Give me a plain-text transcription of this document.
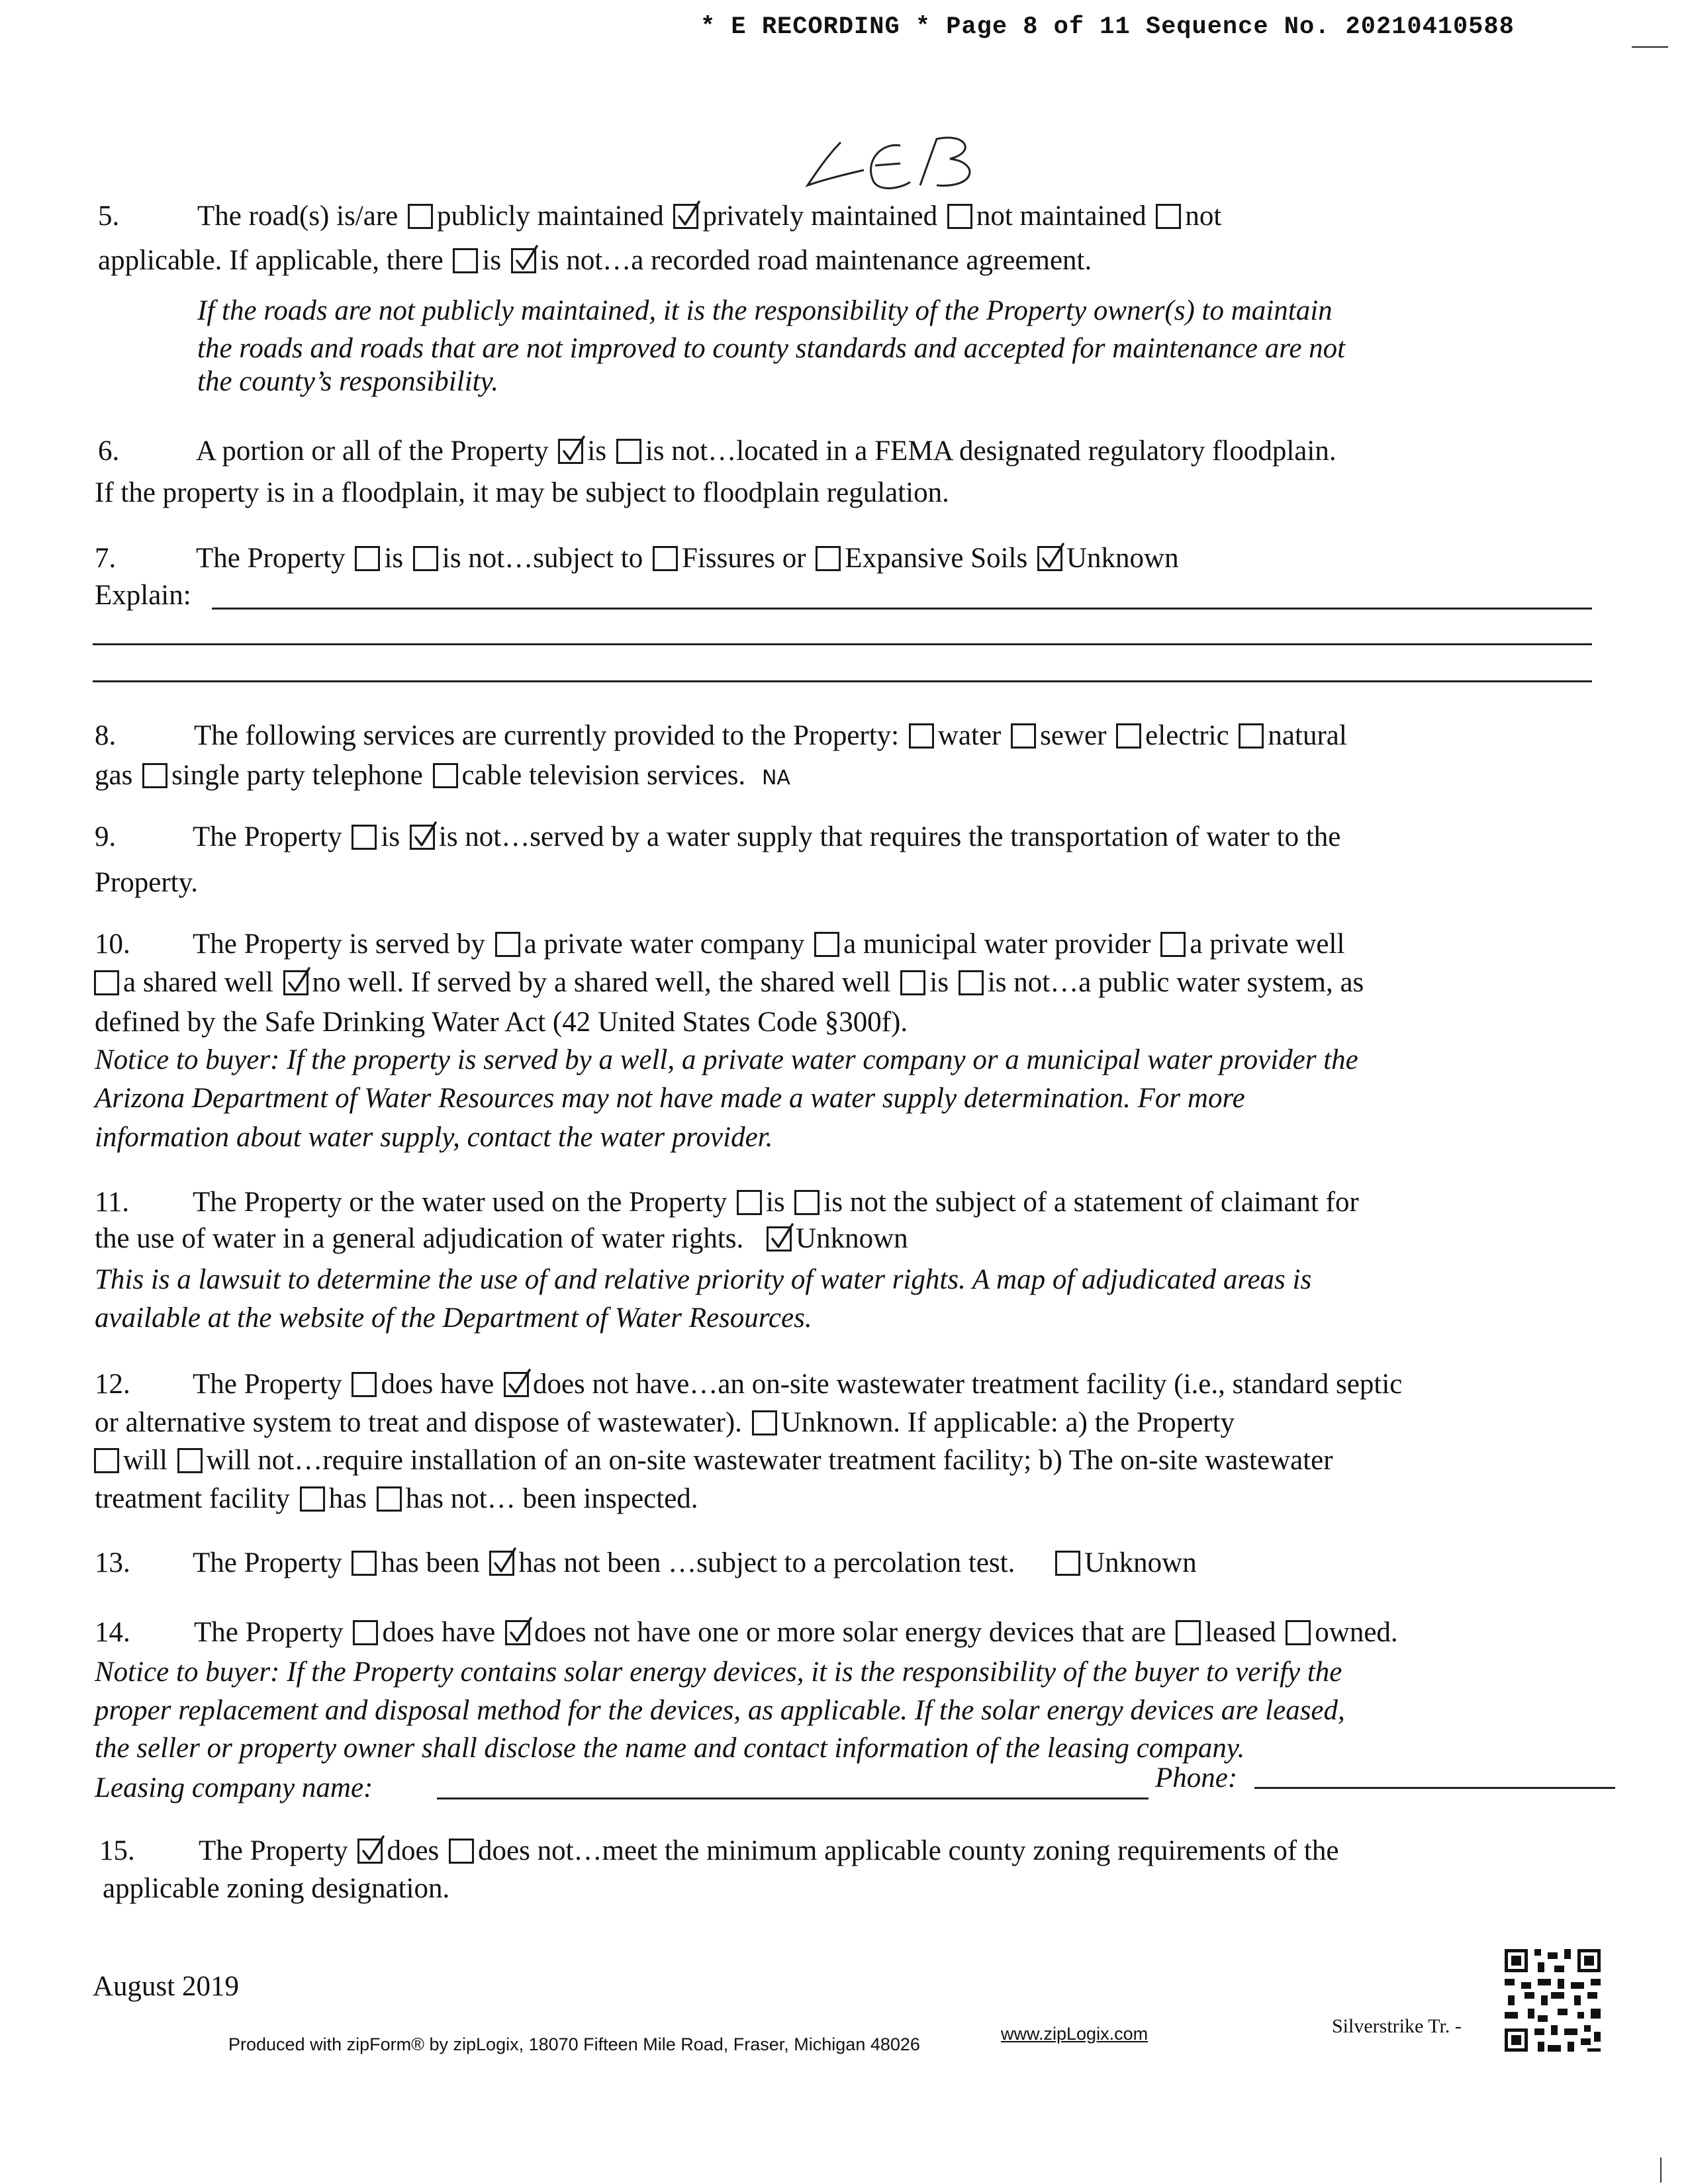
* E RECORDING * Page 8 of 11 Sequence No. 20210410588
5.	The road(s) is/are publicly maintained privately maintained not maintained not
applicable. If applicable, there is is not…a recorded road maintenance agreement.
If the roads are not publicly maintained, it is the responsibility of the Property owner(s) to maintain
the roads and roads that are not improved to county standards and accepted for maintenance are not
the county’s responsibility.
6.	A portion or all of the Property is is not…located in a FEMA designated regulatory floodplain.
If the property is in a floodplain, it may be subject to floodplain regulation.
7.	The Property is is not…subject to Fissures or Expansive Soils Unknown
Explain:
8.	The following services are currently provided to the Property: water sewer electric natural
gas single party telephone cable television services. NA
9.	The Property is is not…served by a water supply that requires the transportation of water to the
Property.
10. The Property is served by a private water company a municipal water provider a private well
a shared well no well. If served by a shared well, the shared well is is not…a public water system, as
defined by the Safe Drinking Water Act (42 United States Code §300f).
Notice to buyer: If the property is served by a well, a private water company or a municipal water provider the
Arizona Department of Water Resources may not have made a water supply determination. For more
information about water supply, contact the water provider.
11. The Property or the water used on the Property is is not the subject of a statement of claimant for
the use of water in a general adjudication of water rights. Unknown
This is a lawsuit to determine the use of and relative priority of water rights. A map of adjudicated areas is
available at the website of the Department of Water Resources.
12. The Property does have does not have…an on-site wastewater treatment facility (i.e., standard septic
or alternative system to treat and dispose of wastewater). Unknown. If applicable: a) the Property
will will not…require installation of an on-site wastewater treatment facility; b) The on-site wastewater
treatment facility has has not… been inspected.
13. The Property has been has not been …subject to a percolation test. Unknown
14. The Property does have does not have one or more solar energy devices that are leased owned.
Notice to buyer: If the Property contains solar energy devices, it is the responsibility of the buyer to verify the
proper replacement and disposal method for the devices, as applicable. If the solar energy devices are leased,
the seller or property owner shall disclose the name and contact information of the leasing company.
Leasing company name:	Phone:
15. The Property does does not…meet the minimum applicable county zoning requirements of the
applicable zoning designation.
August 2019
Produced with zipForm® by zipLogix, 18070 Fifteen Mile Road, Fraser, Michigan 48026
www.zipLogix.com	Silverstrike Tr. -
